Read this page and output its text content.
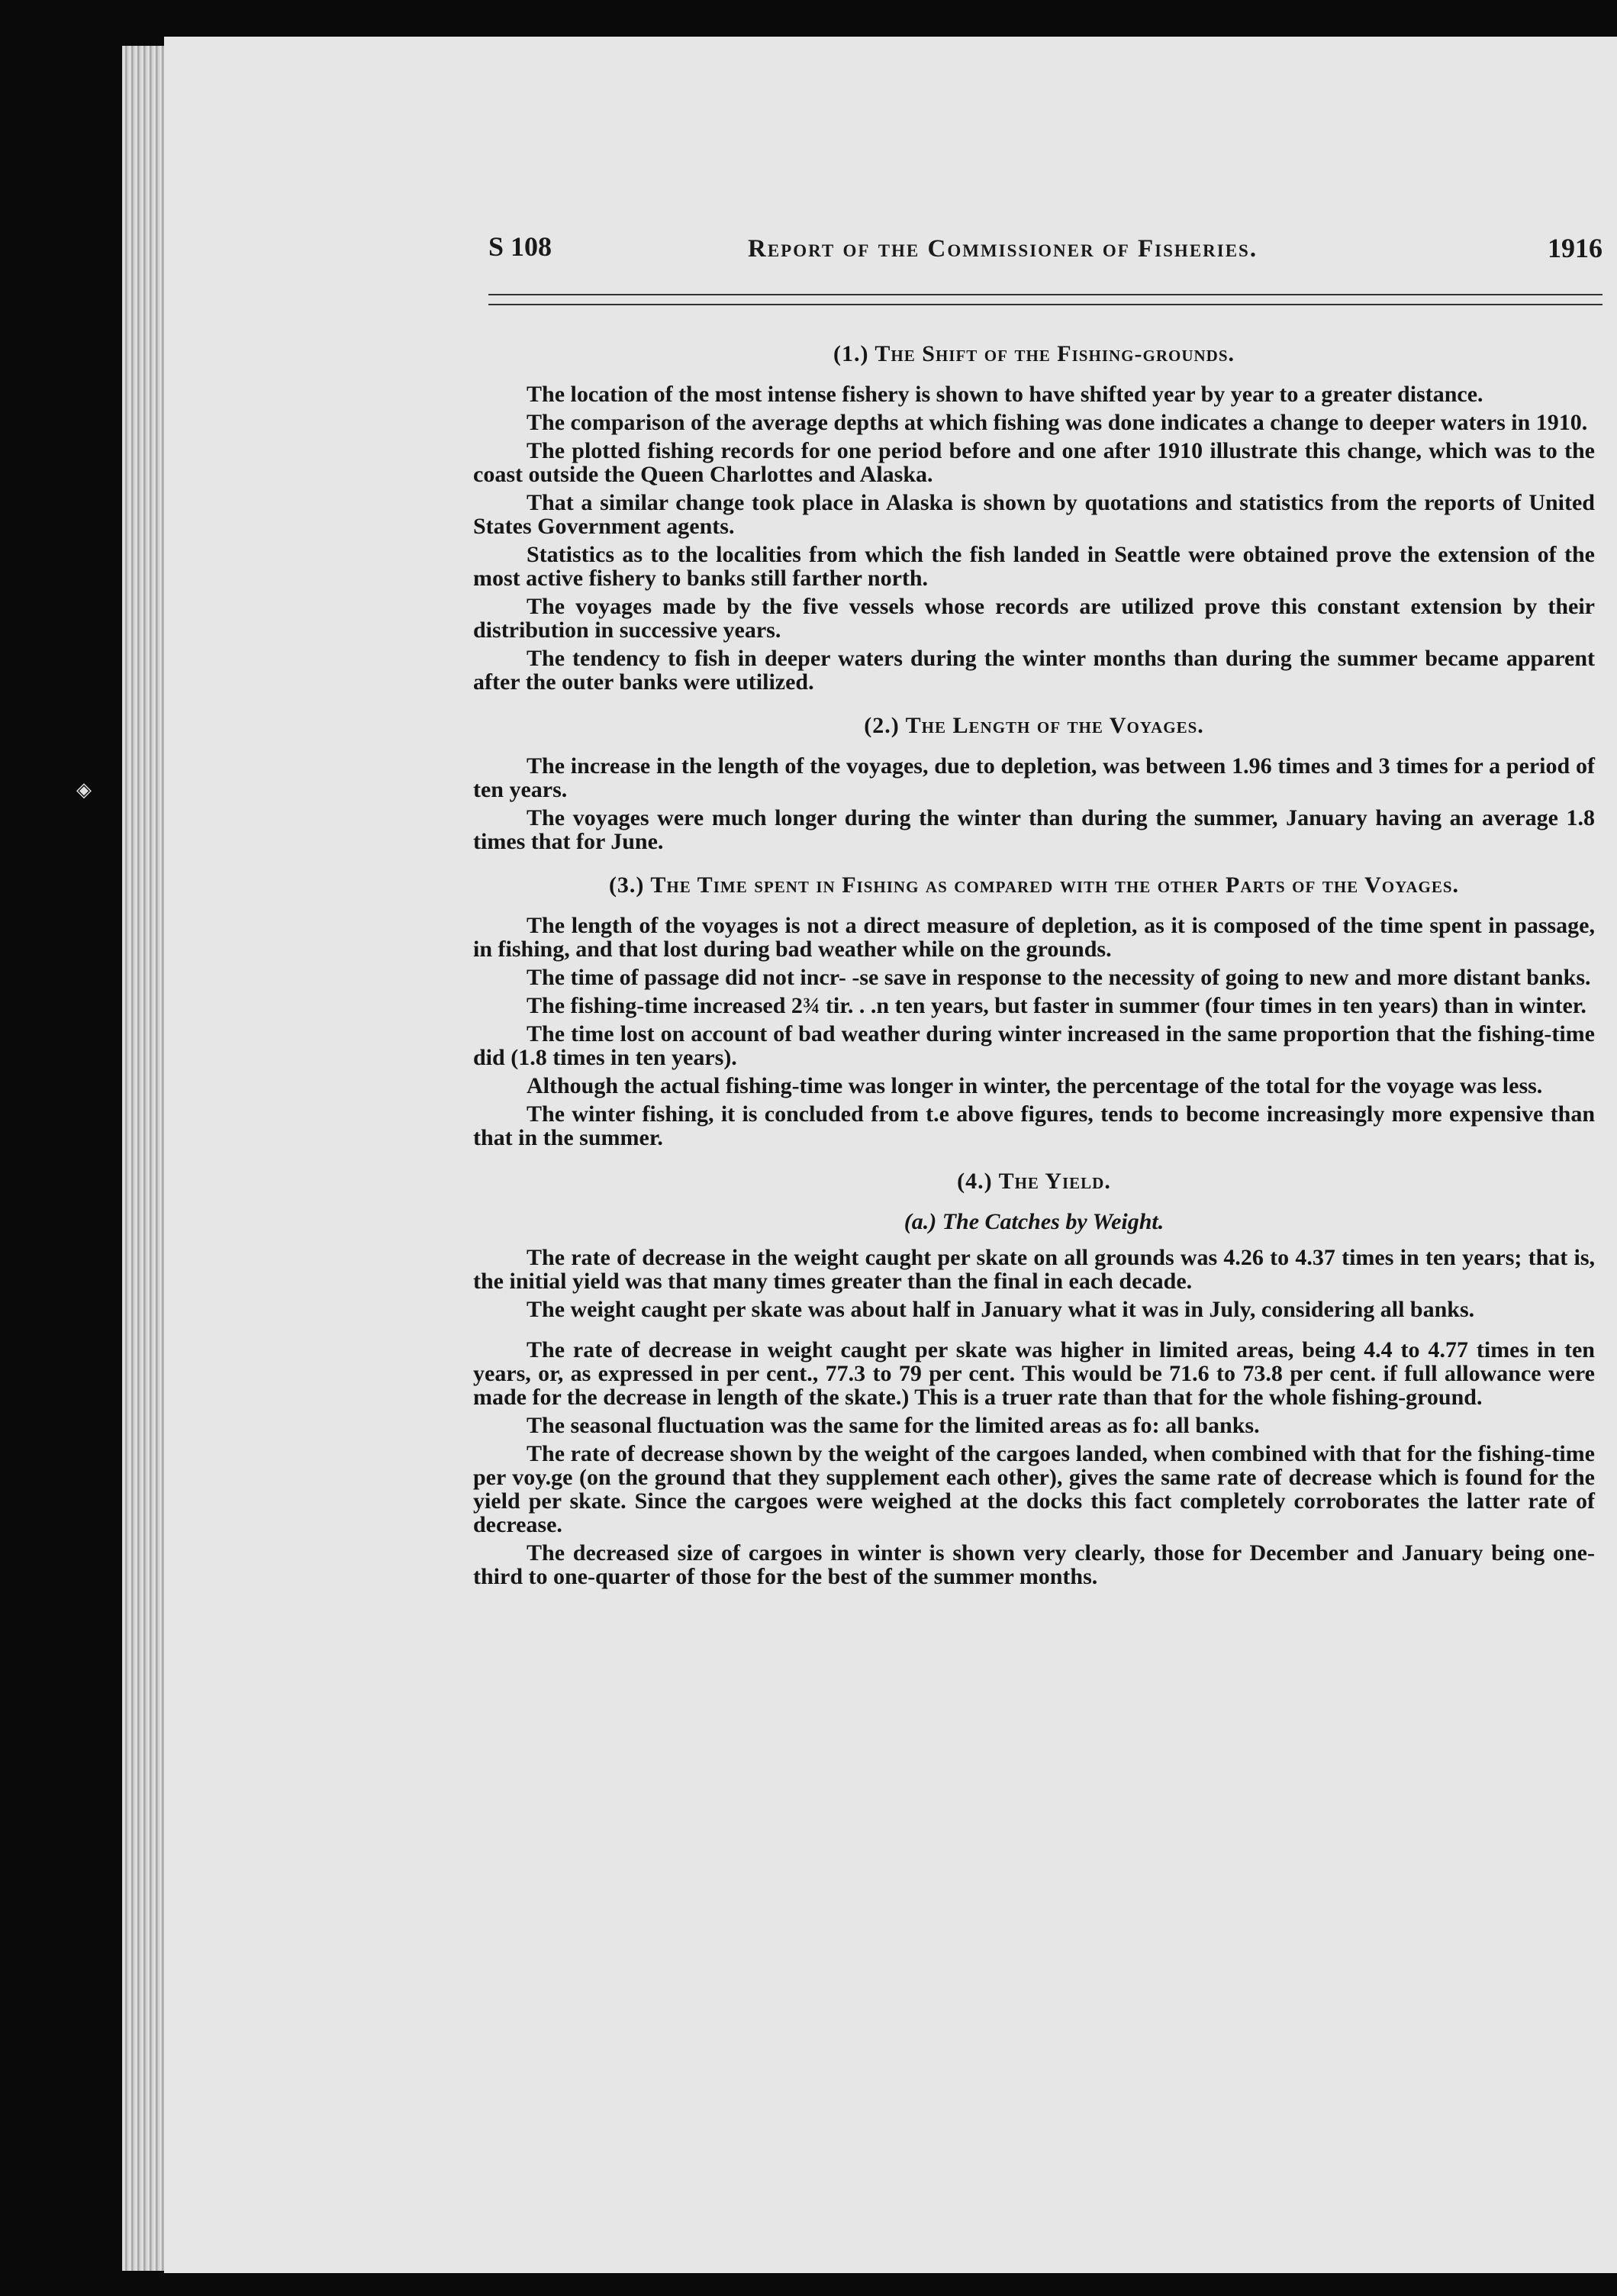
◈
S 108	Report of the Commissioner of Fisheries.	1916
(1.) The Shift of the Fishing-grounds.

The location of the most intense fishery is shown to have shifted year by year to a greater distance.

The comparison of the average depths at which fishing was done indicates a change to deeper waters in 1910.

The plotted fishing records for one period before and one after 1910 illustrate this change, which was to the coast outside the Queen Charlottes and Alaska.

That a similar change took place in Alaska is shown by quotations and statistics from the reports of United States Government agents.

Statistics as to the localities from which the fish landed in Seattle were obtained prove the extension of the most active fishery to banks still farther north.

The voyages made by the five vessels whose records are utilized prove this constant extension by their distribution in successive years.

The tendency to fish in deeper waters during the winter months than during the summer became apparent after the outer banks were utilized.

(2.) The Length of the Voyages.

The increase in the length of the voyages, due to depletion, was between 1.96 times and 3 times for a period of ten years.

The voyages were much longer during the winter than during the summer, January having an average 1.8 times that for June.

(3.) The Time spent in Fishing as compared with the other Parts of the Voyages.

The length of the voyages is not a direct measure of depletion, as it is composed of the time spent in passage, in fishing, and that lost during bad weather while on the grounds.

The time of passage did not incr- -se save in response to the necessity of going to new and more distant banks.

The fishing-time increased 2¾ tir. . .n ten years, but faster in summer (four times in ten years) than in winter.

The time lost on account of bad weather during winter increased in the same proportion that the fishing-time did (1.8 times in ten years).

Although the actual fishing-time was longer in winter, the percentage of the total for the voyage was less.

The winter fishing, it is concluded from t.e above figures, tends to become increasingly more expensive than that in the summer.

(4.) The Yield.
(a.) The Catches by Weight.

The rate of decrease in the weight caught per skate on all grounds was 4.26 to 4.37 times in ten years; that is, the initial yield was that many times greater than the final in each decade.

The weight caught per skate was about half in January what it was in July, considering all banks.

The rate of decrease in weight caught per skate was higher in limited areas, being 4.4 to 4.77 times in ten years, or, as expressed in per cent., 77.3 to 79 per cent. This would be 71.6 to 73.8 per cent. if full allowance were made for the decrease in length of the skate.) This is a truer rate than that for the whole fishing-ground.

The seasonal fluctuation was the same for the limited areas as fo: all banks.

The rate of decrease shown by the weight of the cargoes landed, when combined with that for the fishing-time per voy.ge (on the ground that they supplement each other), gives the same rate of decrease which is found for the yield per skate. Since the cargoes were weighed at the docks this fact completely corroborates the latter rate of decrease.

The decreased size of cargoes in winter is shown very clearly, those for December and January being one-third to one-quarter of those for the best of the summer months.
